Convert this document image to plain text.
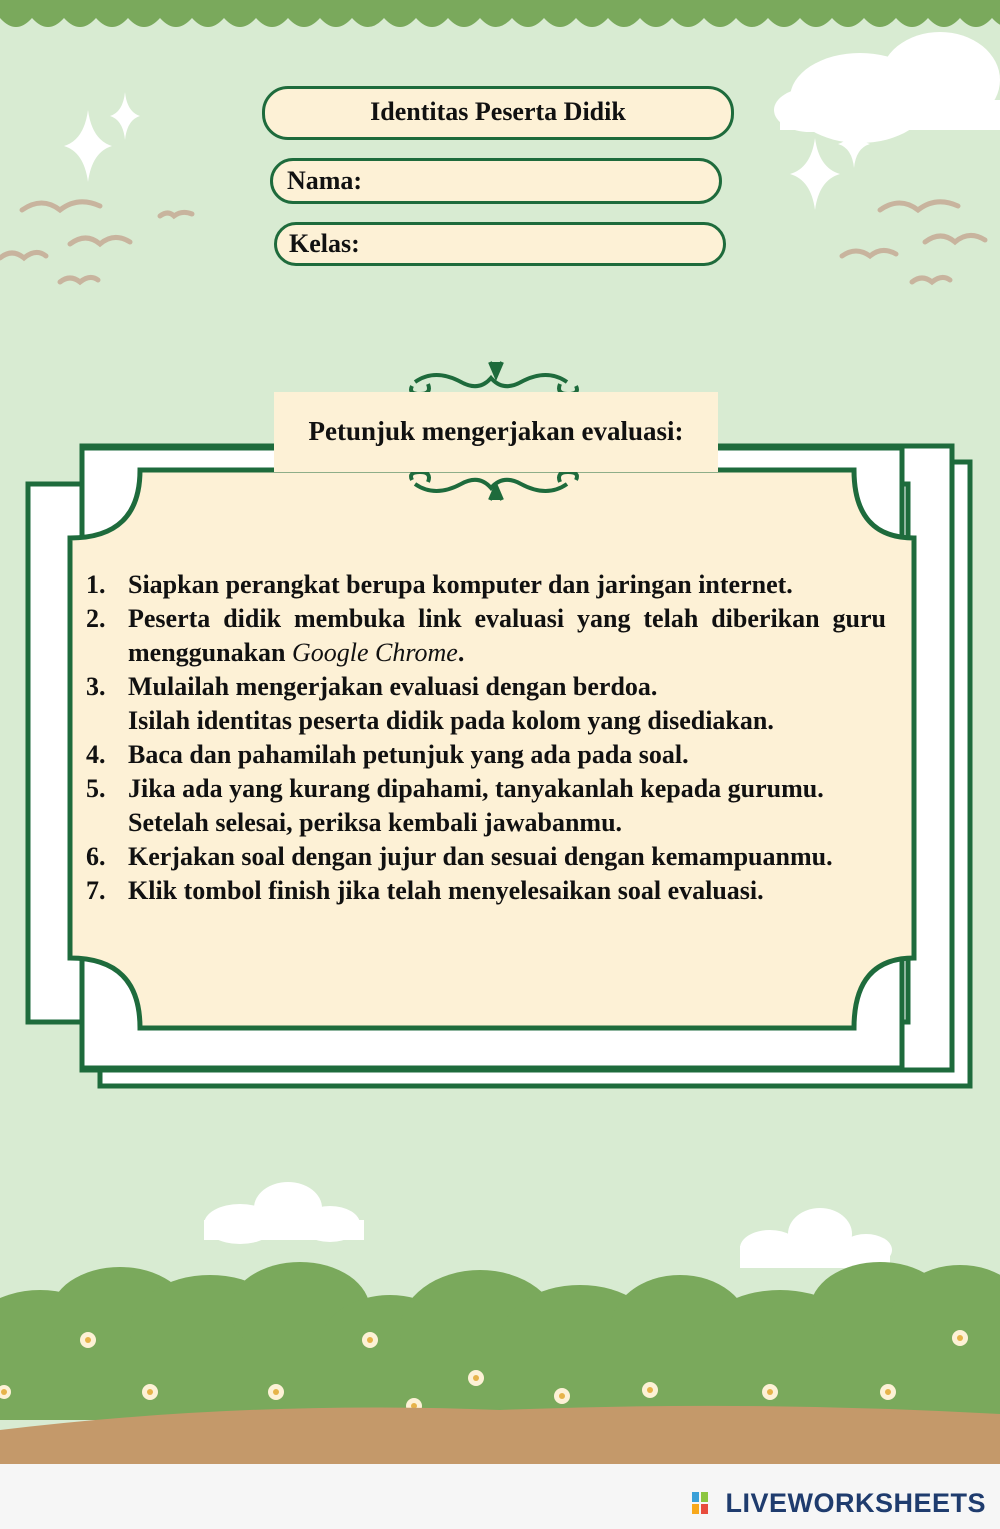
Identitas Peserta Didik
Nama:
Kelas:
Petunjuk mengerjakan evaluasi:
1. Siapkan perangkat berupa komputer dan jaringan internet.
2. Peserta didik membuka link evaluasi yang telah diberikan guru menggunakan Google Chrome.
3. Mulailah mengerjakan evaluasi dengan berdoa.
Isilah identitas peserta didik pada kolom yang disediakan.
4. Baca dan pahamilah petunjuk yang ada pada soal.
5. Jika ada yang kurang dipahami, tanyakanlah kepada gurumu.
Setelah selesai, periksa kembali jawabanmu.
6. Kerjakan soal dengan jujur dan sesuai dengan kemampuanmu.
7. Klik tombol finish jika telah menyelesaikan soal evaluasi.
LIVEWORKSHEETS
